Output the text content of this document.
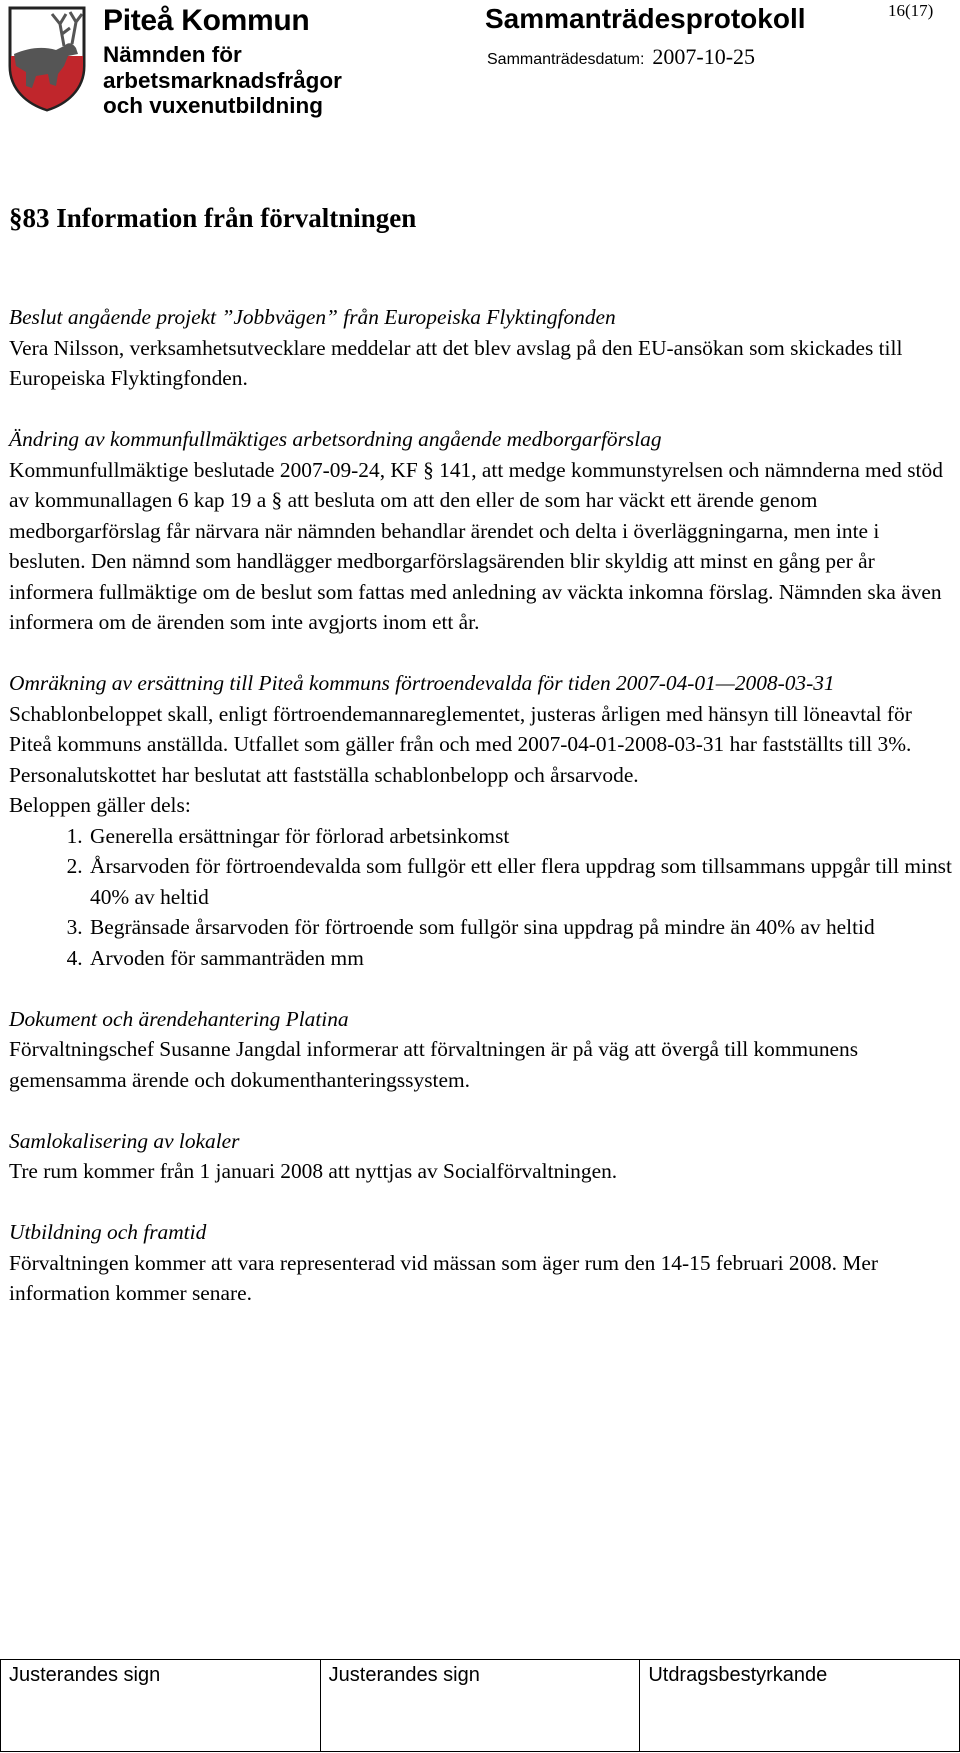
Piteå Kommun
Nämnden för
arbetsmarknadsfrågor
och vuxenutbildning
Sammanträdesprotokoll	16(17)
Sammanträdesdatum: 2007-10-25
§83 Information från förvaltningen
Beslut angående projekt ”Jobbvägen” från Europeiska Flyktingfonden

Vera Nilsson, verksamhetsutvecklare meddelar att det blev avslag på den EU-ansökan som skickades till Europeiska Flyktingfonden.

Ändring av kommunfullmäktiges arbetsordning angående medborgarförslag

Kommunfullmäktige beslutade 2007-09-24, KF § 141, att medge kommunstyrelsen och nämnderna med stöd av kommunallagen 6 kap 19 a § att besluta om att den eller de som har väckt ett ärende genom medborgarförslag får närvara när nämnden behandlar ärendet och delta i överläggningarna, men inte i besluten. Den nämnd som handlägger medborgarförslagsärenden blir skyldig att minst en gång per år informera fullmäktige om de beslut som fattas med anledning av väckta inkomna förslag. Nämnden ska även informera om de ärenden som inte avgjorts inom ett år.

Omräkning av ersättning till Piteå kommuns förtroendevalda för tiden 2007-04-01—2008-03-31

Schablonbeloppet skall, enligt förtroendemannareglementet, justeras årligen med hänsyn till löneavtal för Piteå kommuns anställda. Utfallet som gäller från och med 2007-04-01-2008-03-31 har fastställts till 3%.

Personalutskottet har beslutat att fastställa schablonbelopp och årsarvode.

Beloppen gäller dels:

1. Generella ersättningar för förlorad arbetsinkomst
2. Årsarvoden för förtroendevalda som fullgör ett eller flera uppdrag som tillsammans uppgår till minst 40% av heltid
3. Begränsade årsarvoden för förtroende som fullgör sina uppdrag på mindre än 40% av heltid
4. Arvoden för sammanträden mm
Dokument och ärendehantering Platina

Förvaltningschef Susanne Jangdal informerar att förvaltningen är på väg att övergå till kommunens gemensamma ärende och dokumenthanteringssystem.

Samlokalisering av lokaler

Tre rum kommer från 1 januari 2008 att nyttjas av Socialförvaltningen.

Utbildning och framtid

Förvaltningen kommer att vara representerad vid mässan som äger rum den 14-15 februari 2008. Mer information kommer senare.

Justerandes sign	Justerandes sign	Utdragsbestyrkande
